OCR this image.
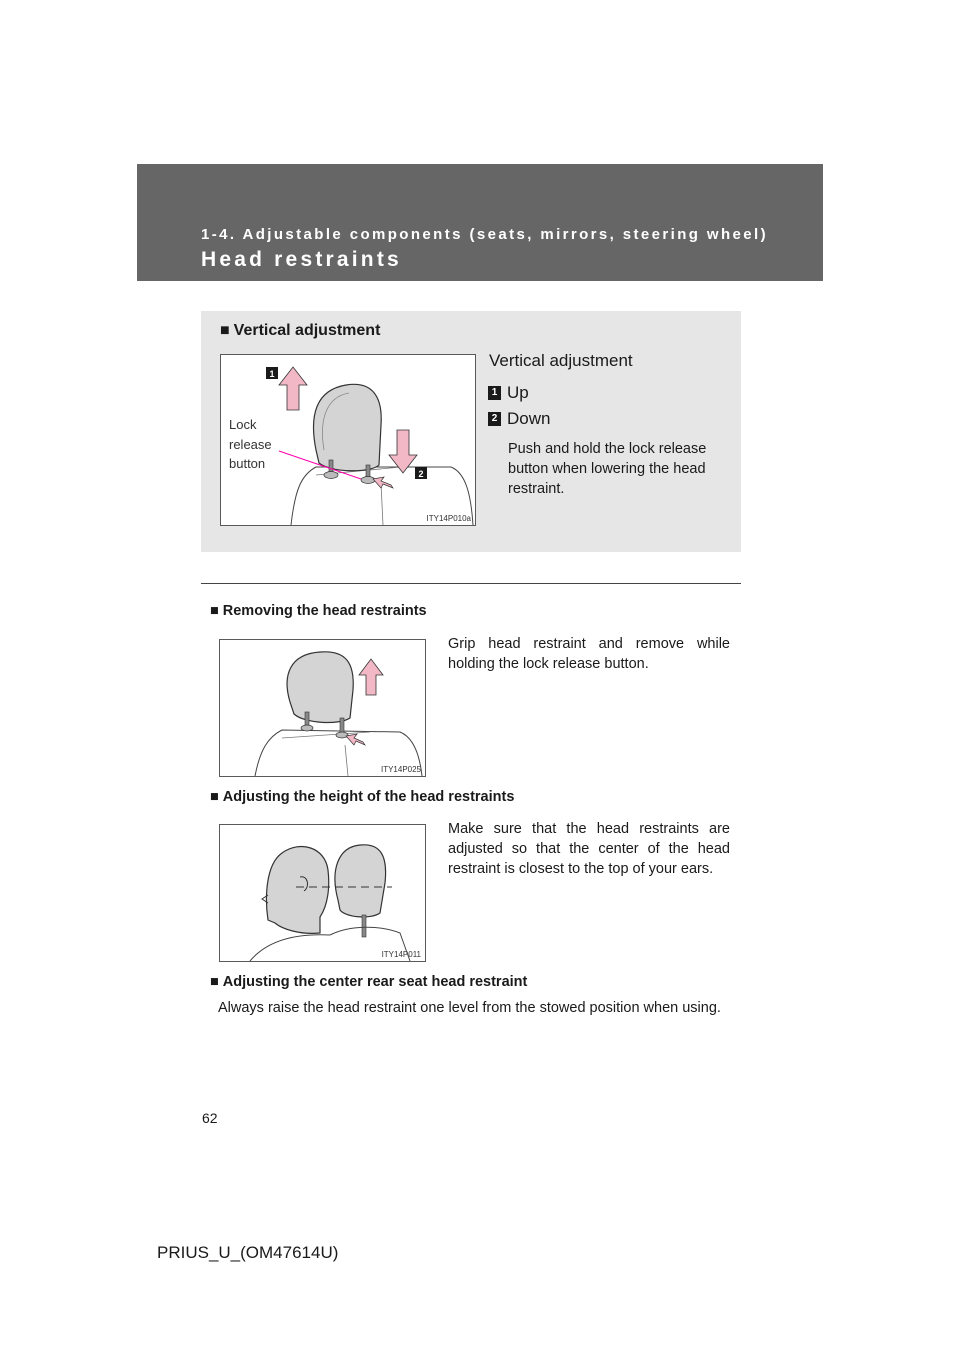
1-4. Adjustable components (seats, mirrors, steering wheel)
Head restraints
■ Vertical adjustment
1
2
Lock release button
ITY14P010a
Vertical adjustment
1 Up
2 Down
Push and hold the lock release button when lowering the head restraint.
■ Removing the head restraints
ITY14P025
Grip head restraint and remove while holding the lock release button.
■ Adjusting the height of the head restraints
ITY14P011
Make sure that the head restraints are adjusted so that the center of the head restraint is closest to the top of your ears.
■ Adjusting the center rear seat head restraint
Always raise the head restraint one level from the stowed position when using.
62
PRIUS_U_(OM47614U)
